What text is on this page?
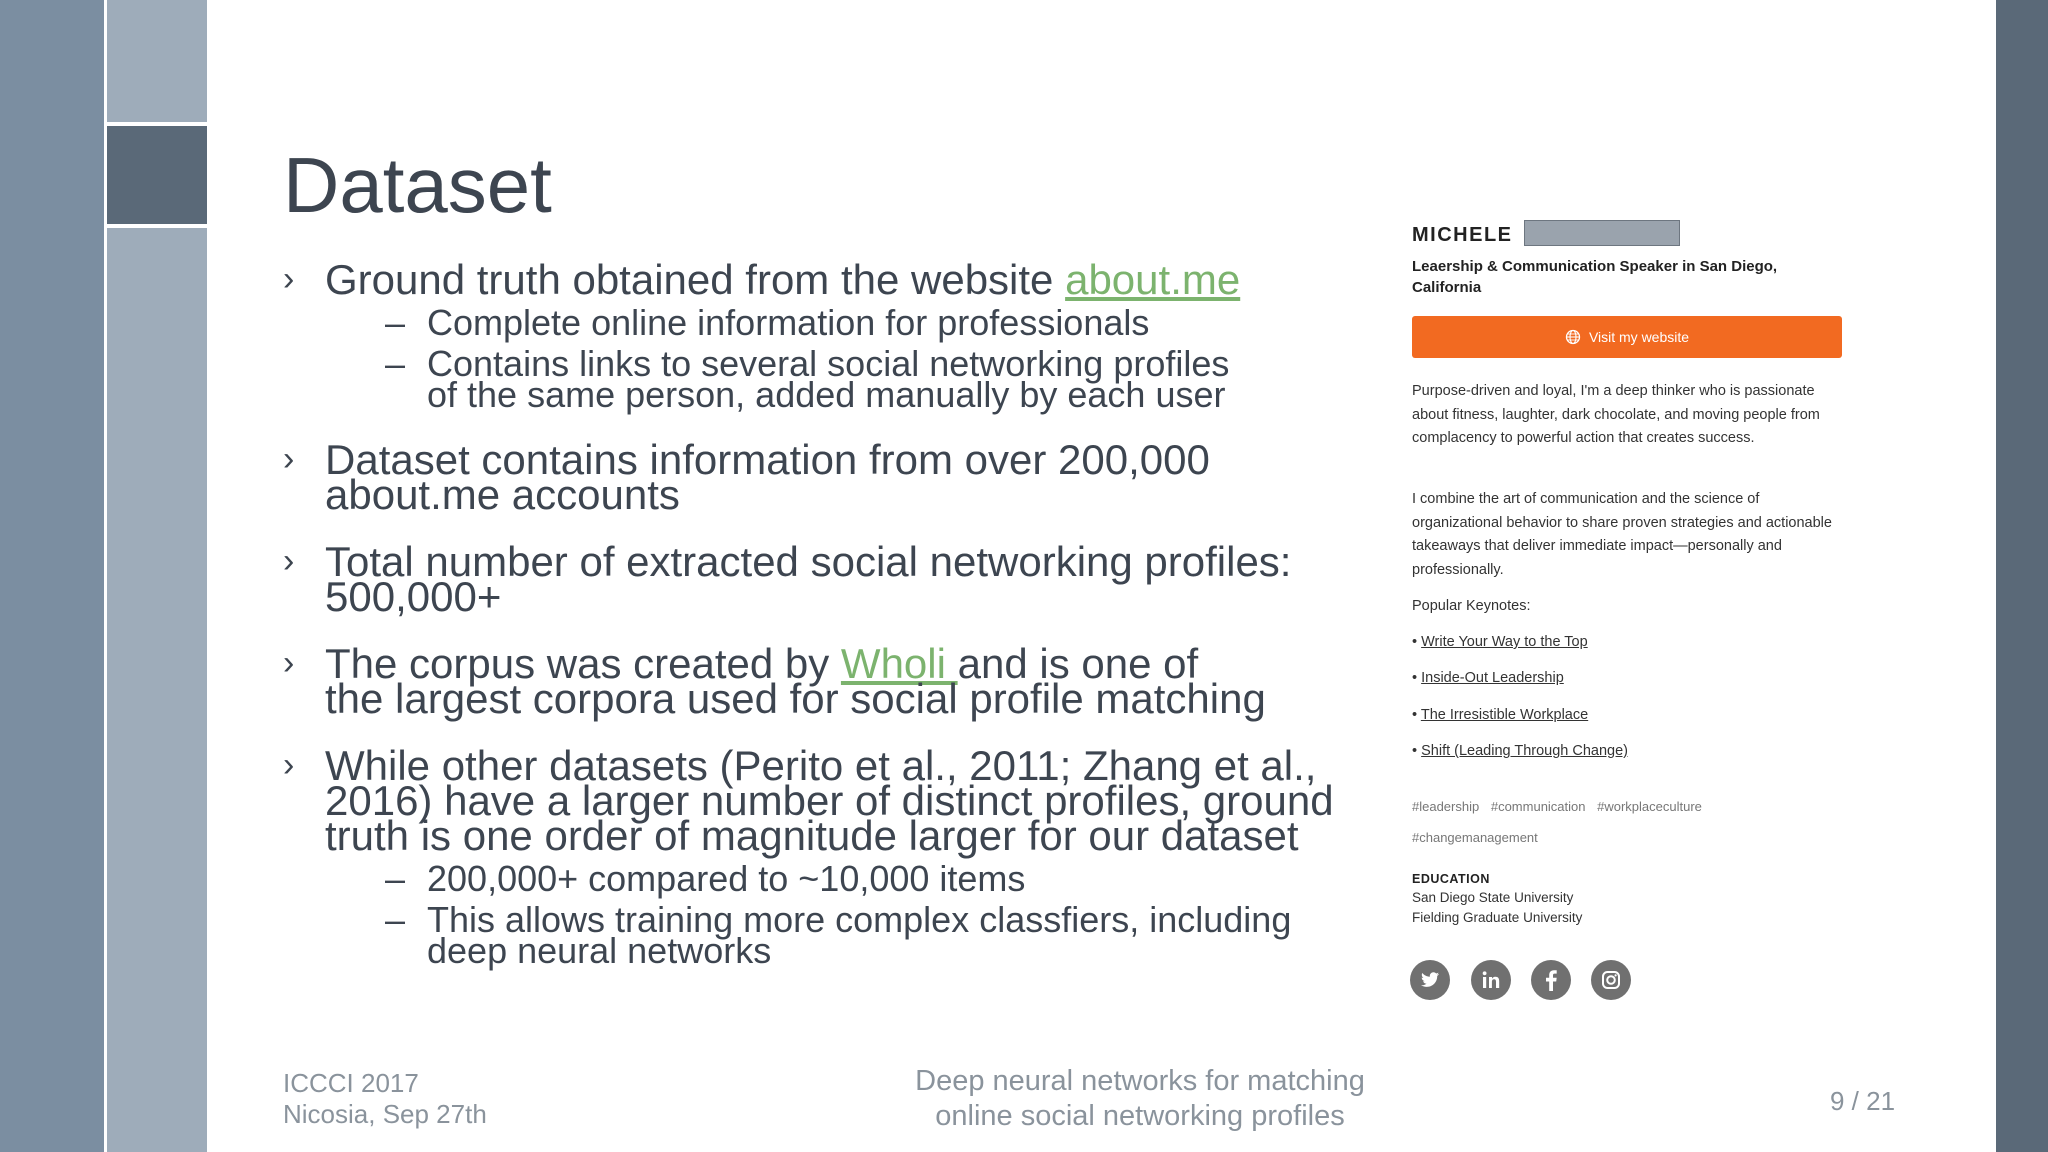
Dataset
› Ground truth obtained from the website about.me
– Complete online information for professionals
– Contains links to several social networking profiles
of the same person, added manually by each user
› Dataset contains information from over 200,000
about.me accounts
› Total number of extracted social networking profiles:
500,000+
› The corpus was created by Wholi and is one of
the largest corpora used for social profile matching
› While other datasets (Perito et al., 2011; Zhang et al.,
2016) have a larger number of distinct profiles, ground
truth is one order of magnitude larger for our dataset
– 200,000+ compared to ~10,000 items
– This allows training more complex classfiers, including
deep neural networks
ICCCI 2017
Nicosia, Sep 27th
Deep neural networks for matching
online social networking profiles	9 / 21
MICHELE
Leaership & Communication Speaker in San Diego, California
Visit my website

Purpose-driven and loyal, I'm a deep thinker who is passionate about fitness, laughter, dark chocolate, and moving people from complacency to powerful action that creates success.

I combine the art of communication and the science of organizational behavior to share proven strategies and actionable takeaways that deliver immediate impact—personally and professionally.

Popular Keynotes:
• Write Your Way to the Top
• Inside-Out Leadership
• The Irresistible Workplace
• Shift (Leading Through Change)
#leadership #communication #workplaceculture #changemanagement
EDUCATION
San Diego State University
Fielding Graduate University
